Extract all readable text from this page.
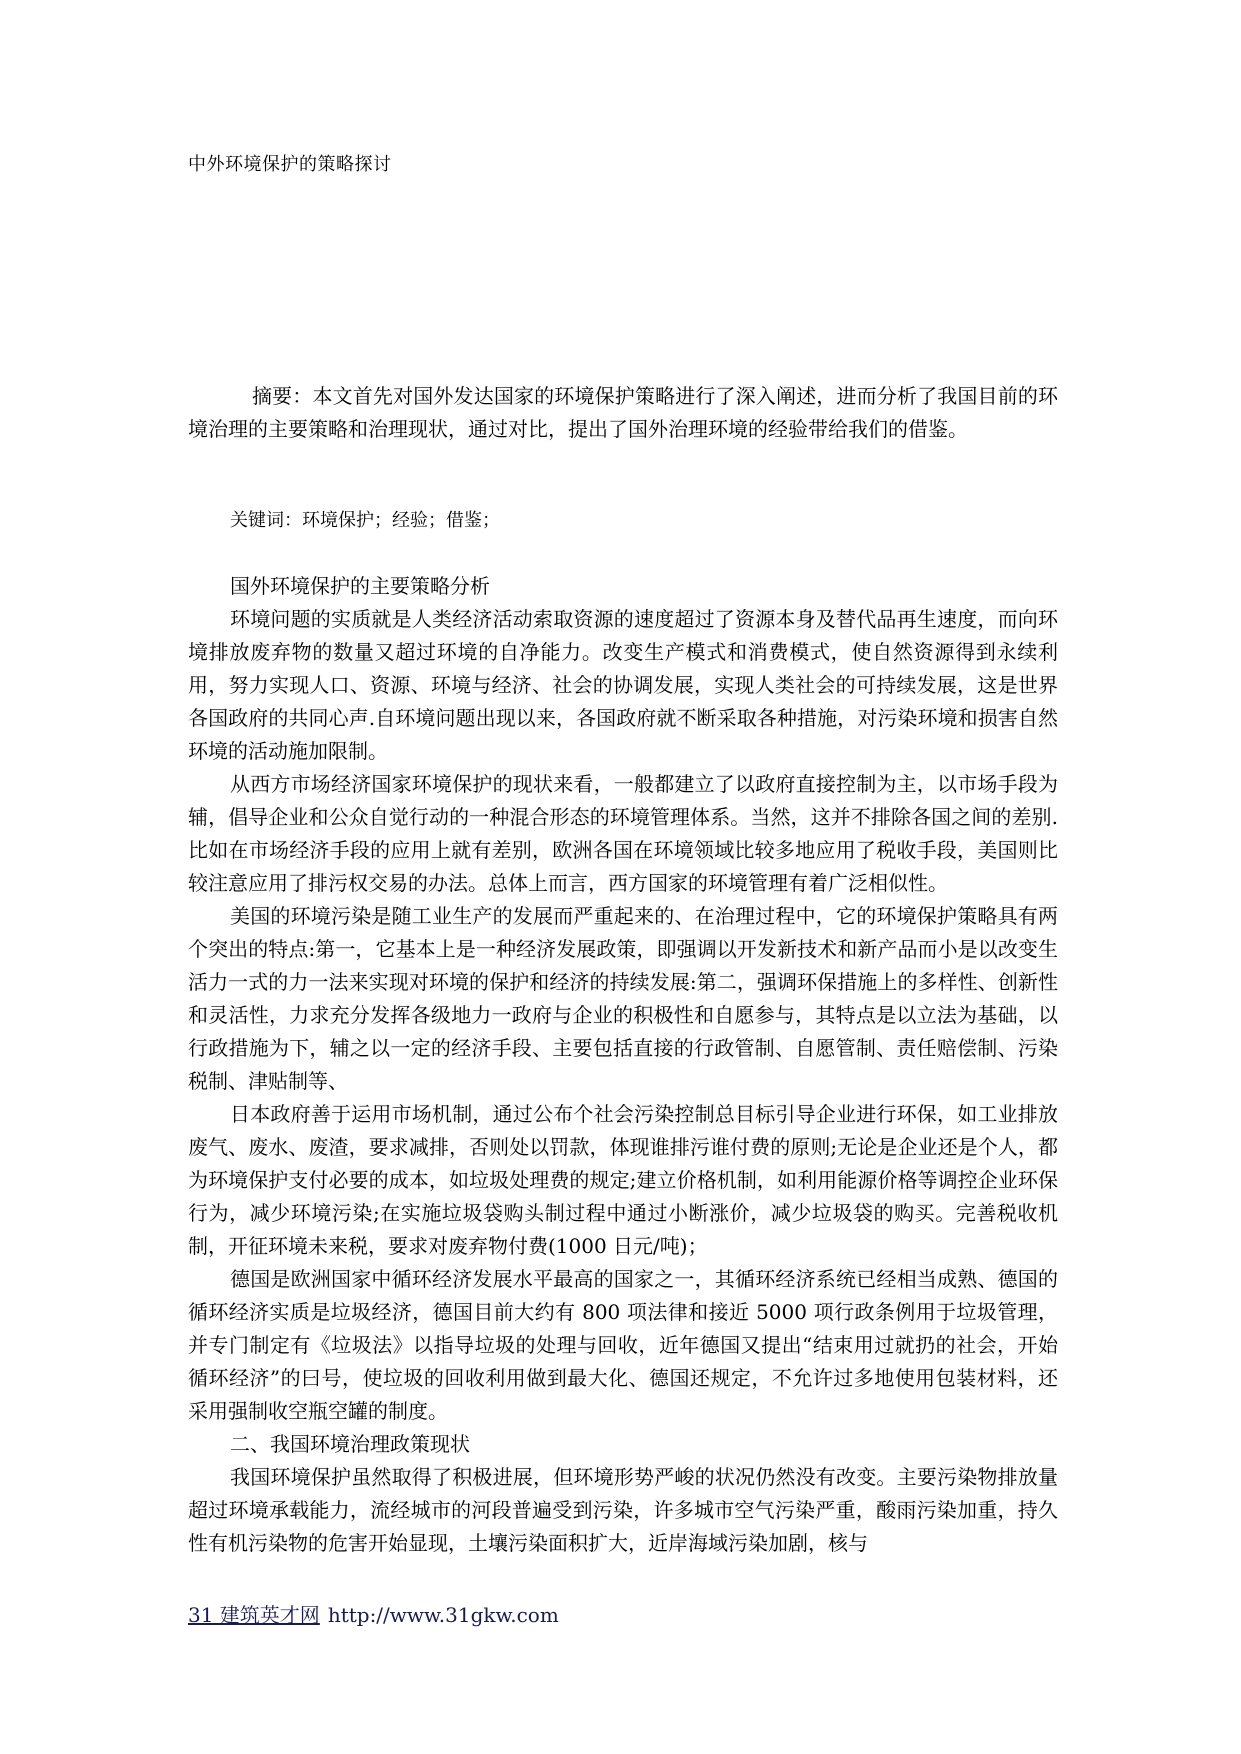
中外环境保护的策略探讨

摘要：本文首先对国外发达国家的环境保护策略进行了深入阐述，进而分析了我国目前的环境治理的主要策略和治理现状，通过对比，提出了国外治理环境的经验带给我们的借鉴。

关键词：环境保护；经验；借鉴；

国外环境保护的主要策略分析

环境问题的实质就是人类经济活动索取资源的速度超过了资源本身及替代品再生速度，而向环境排放废弃物的数量又超过环境的自净能力。改变生产模式和消费模式，使自然资源得到永续利用，努力实现人口、资源、环境与经济、社会的协调发展，实现人类社会的可持续发展，这是世界各国政府的共同心声.自环境问题出现以来，各国政府就不断采取各种措施，对污染环境和损害自然环境的活动施加限制。

从西方市场经济国家环境保护的现状来看，一般都建立了以政府直接控制为主，以市场手段为辅，倡导企业和公众自觉行动的一种混合形态的环境管理体系。当然，这并不排除各国之间的差别.比如在市场经济手段的应用上就有差别，欧洲各国在环境领域比较多地应用了税收手段，美国则比较注意应用了排污权交易的办法。总体上而言，西方国家的环境管理有着广泛相似性。

美国的环境污染是随工业生产的发展而严重起来的、在治理过程中，它的环境保护策略具有两个突出的特点:第一，它基本上是一种经济发展政策，即强调以开发新技术和新产品而小是以改变生活力一式的力一法来实现对环境的保护和经济的持续发展:第二，强调环保措施上的多样性、创新性和灵活性，力求充分发挥各级地力一政府与企业的积极性和自愿参与，其特点是以立法为基础，以行政措施为下，辅之以一定的经济手段、主要包括直接的行政管制、自愿管制、责任赔偿制、污染税制、津贴制等、

日本政府善于运用市场机制，通过公布个社会污染控制总目标引导企业进行环保，如工业排放废气、废水、废渣，要求减排，否则处以罚款，体现谁排污谁付费的原则;无论是企业还是个人，都为环境保护支付必要的成本，如垃圾处理费的规定;建立价格机制，如利用能源价格等调控企业环保行为，减少环境污染;在实施垃圾袋购头制过程中通过小断涨价，减少垃圾袋的购买。完善税收机制，开征环境未来税，要求对废弃物付费(1000 日元/吨)；

德国是欧洲国家中循环经济发展水平最高的国家之一，其循环经济系统已经相当成熟、德国的循环经济实质是垃圾经济，德国目前大约有 800 项法律和接近 5000 项行政条例用于垃圾管理，并专门制定有《垃圾法》以指导垃圾的处理与回收，近年德国又提出“结束用过就扔的社会，开始循环经济”的曰号，使垃圾的回收利用做到最大化、德国还规定，不允许过多地使用包装材料，还采用强制收空瓶空罐的制度。

二、我国环境治理政策现状

我国环境保护虽然取得了积极进展，但环境形势严峻的状况仍然没有改变。主要污染物排放量超过环境承载能力，流经城市的河段普遍受到污染，许多城市空气污染严重，酸雨污染加重，持久性有机污染物的危害开始显现，土壤污染面积扩大，近岸海域污染加剧，核与

31 建筑英才网 http://www.31gkw.com
